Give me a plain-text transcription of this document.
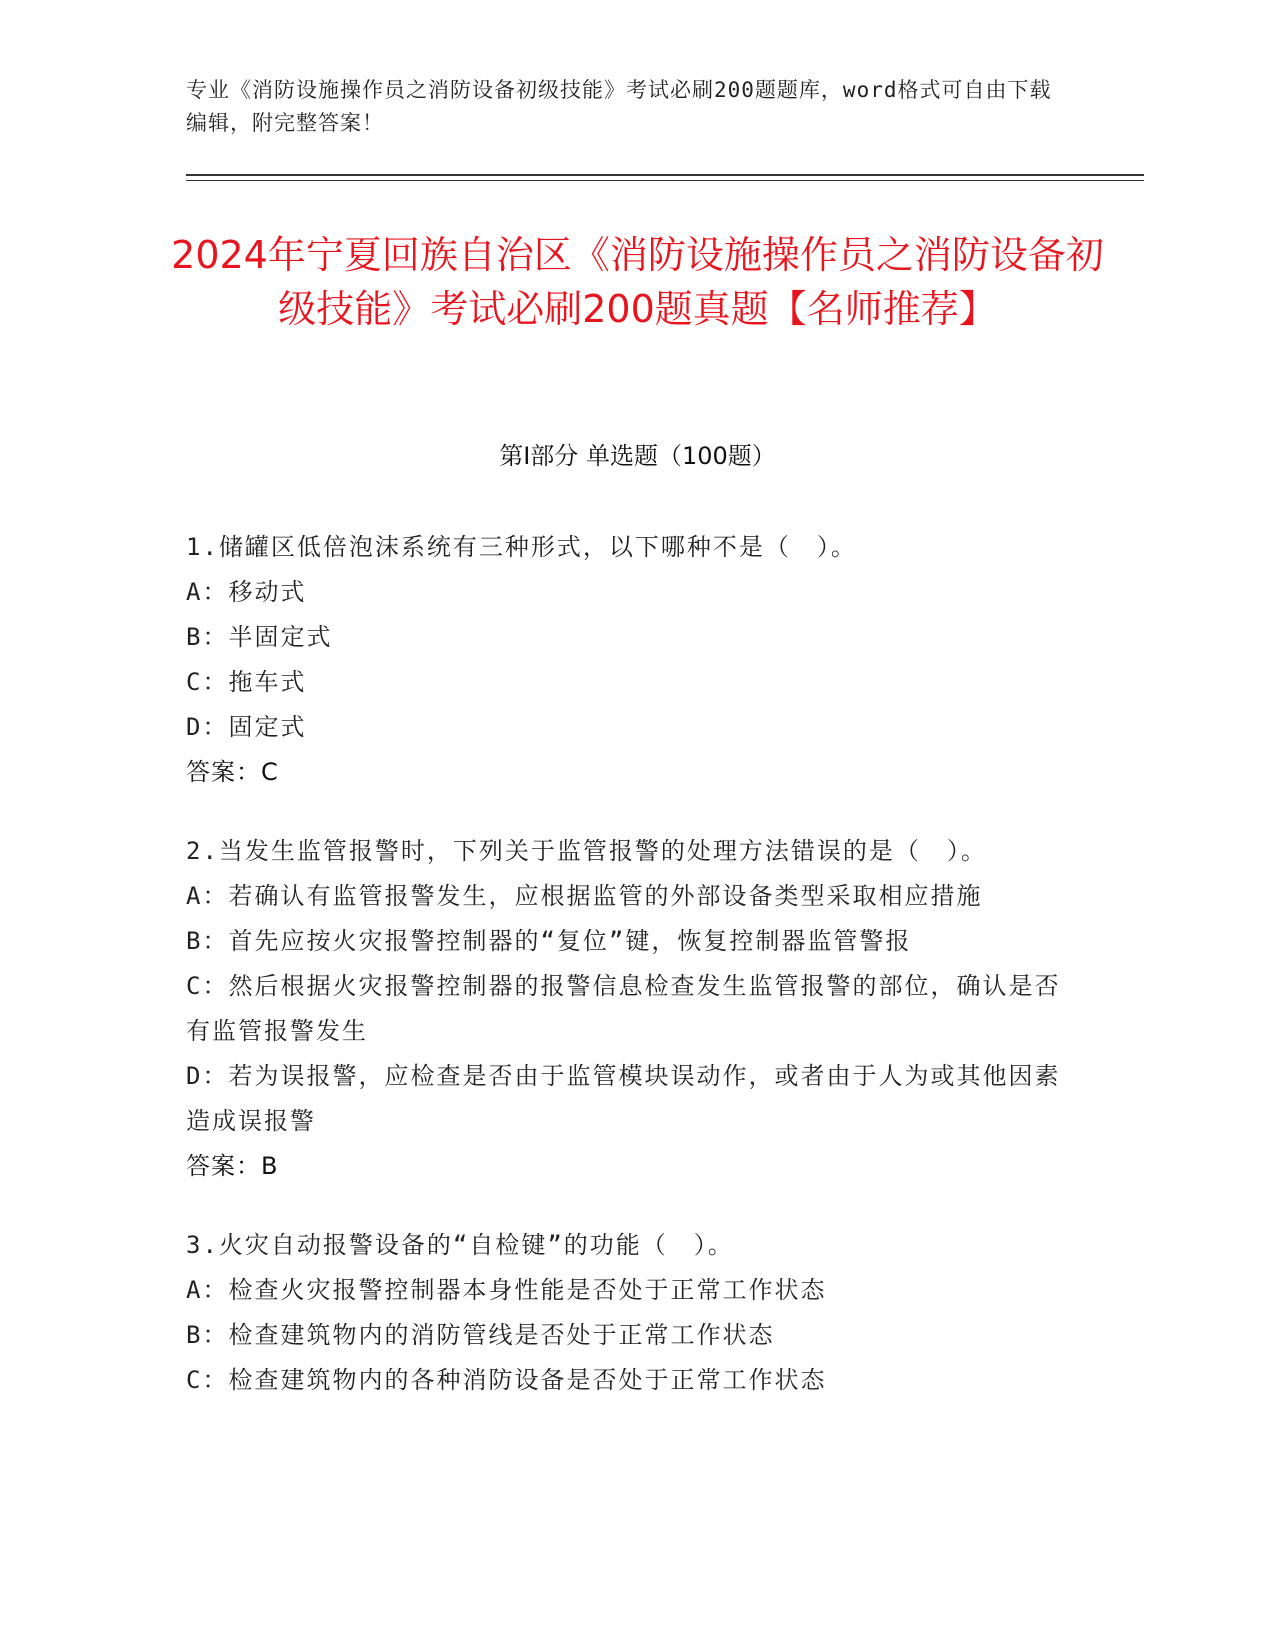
专业《消防设施操作员之消防设备初级技能》考试必刷200题题库，word格式可自由下载编辑，附完整答案！
2024年宁夏回族自治区《消防设施操作员之消防设备初级技能》考试必刷200题真题【名师推荐】
第I部分 单选题（100题）
1.储罐区低倍泡沫系统有三种形式，以下哪种不是（　）。
A：移动式
B：半固定式
C：拖车式
D：固定式
答案：C
2.当发生监管报警时，下列关于监管报警的处理方法错误的是（　）。
A：若确认有监管报警发生，应根据监管的外部设备类型采取相应措施
B：首先应按火灾报警控制器的“复位”键，恢复控制器监管警报
C：然后根据火灾报警控制器的报警信息检查发生监管报警的部位，确认是否有监管报警发生
D：若为误报警，应检查是否由于监管模块误动作，或者由于人为或其他因素造成误报警
答案：B
3.火灾自动报警设备的“自检键”的功能（　）。
A：检查火灾报警控制器本身性能是否处于正常工作状态
B：检查建筑物内的消防管线是否处于正常工作状态
C：检查建筑物内的各种消防设备是否处于正常工作状态
